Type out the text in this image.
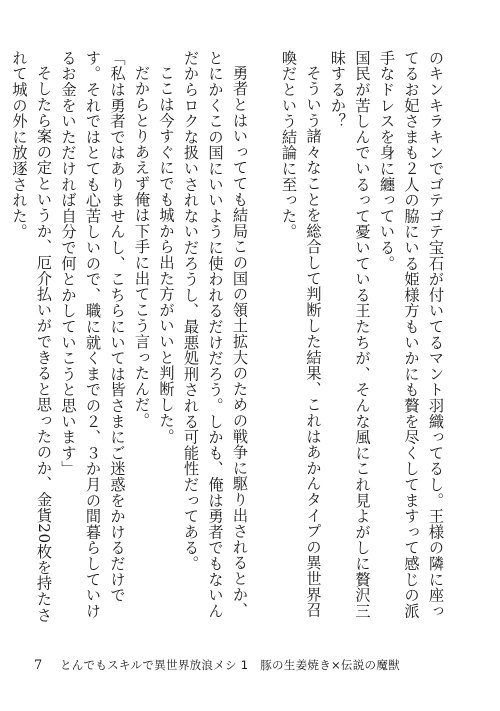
のキンキラキンでゴテゴテ宝石が付いてるマント羽織ってるし。王様の隣に座ってるお妃さまも２人の脇にいる姫様方もいかにも贅を尽くしてますって感じの派手なドレスを身に纏っている。

国民が苦しんでいるって憂いている王たちが、そんな風にこれ見よがしに贅沢三昧するか？

そういう諸々なことを総合して判断した結果、これはあかんタイプの異世界召喚だという結論に至った。

勇者とはいってても結局この国の領土拡大のための戦争に駆り出されるとか、とにかくこの国にいいように使われるだけだろう。しかも、俺は勇者でもないんだからロクな扱いされないだろうし、最悪処刑される可能性だってある。

ここは今すぐにでも城から出た方がいいと判断した。

だからとりあえず俺は下手に出てこう言ったんだ。

「私は勇者ではありませんし、こちらにいては皆さまにご迷惑をかけるだけです。それではとても心苦しいので、職に就くまでの２、３か月の間暮らしていけるお金をいただければ自分で何とかしていこうと思います」

そしたら案の定というか、厄介払いができると思ったのか、金貨20枚を持たされて城の外に放逐された。

7 とんでもスキルで異世界放浪メシ 1　豚の生姜焼き×伝説の魔獣
